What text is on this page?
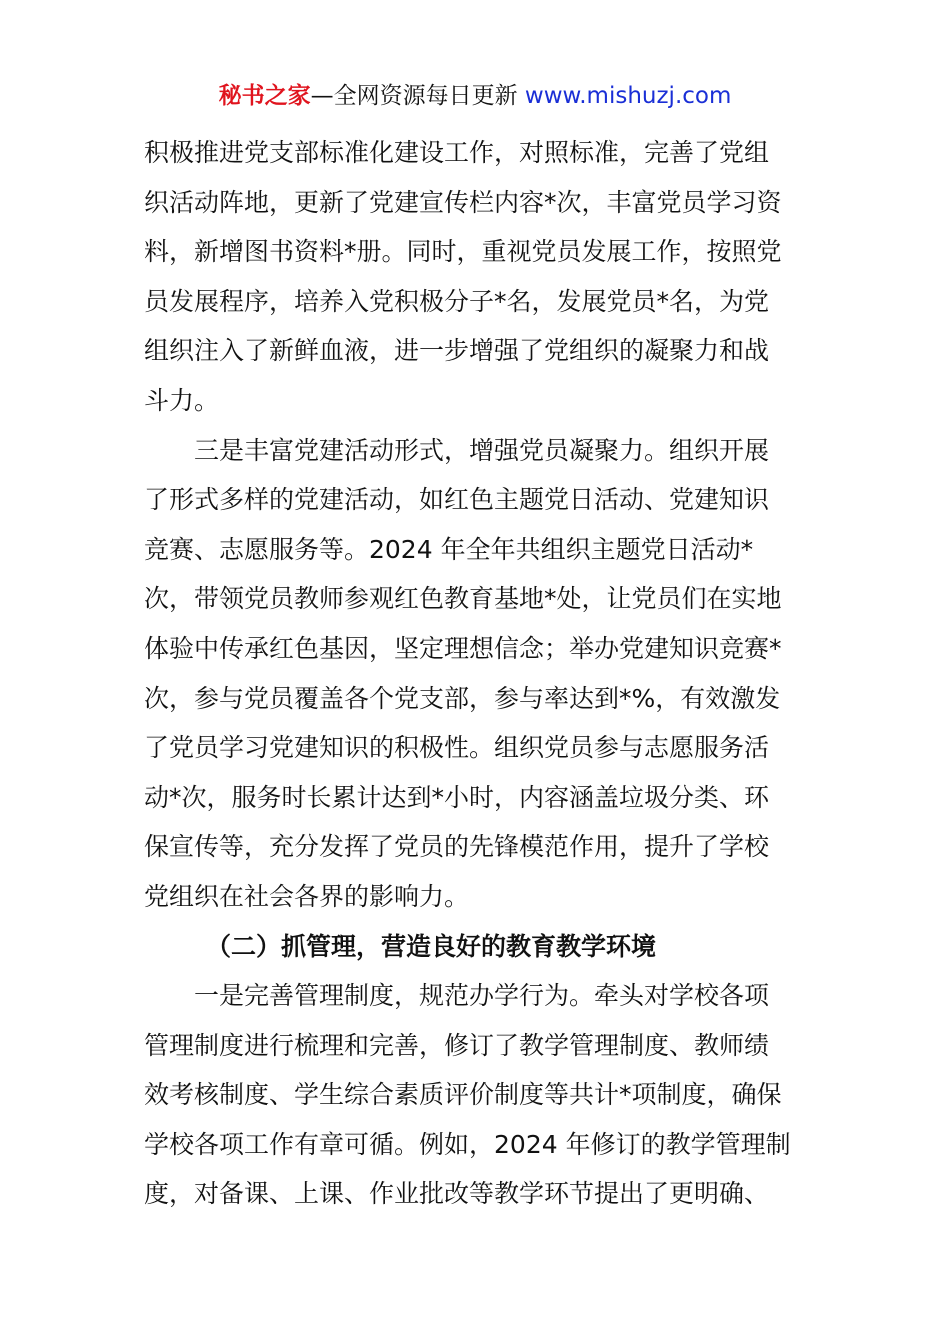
秘书之家—全网资源每日更新 www.mishuzj.com
积极推进党支部标准化建设工作，对照标准，完善了党组
织活动阵地，更新了党建宣传栏内容*次，丰富党员学习资
料，新增图书资料*册。同时，重视党员发展工作，按照党
员发展程序，培养入党积极分子*名，发展党员*名，为党
组织注入了新鲜血液，进一步增强了党组织的凝聚力和战
斗力。
三是丰富党建活动形式，增强党员凝聚力。组织开展
了形式多样的党建活动，如红色主题党日活动、党建知识
竞赛、志愿服务等。2024 年全年共组织主题党日活动*
次，带领党员教师参观红色教育基地*处，让党员们在实地
体验中传承红色基因，坚定理想信念；举办党建知识竞赛*
次，参与党员覆盖各个党支部，参与率达到*%，有效激发
了党员学习党建知识的积极性。组织党员参与志愿服务活
动*次，服务时长累计达到*小时，内容涵盖垃圾分类、环
保宣传等，充分发挥了党员的先锋模范作用，提升了学校
党组织在社会各界的影响力。
（二）抓管理，营造良好的教育教学环境
一是完善管理制度，规范办学行为。牵头对学校各项
管理制度进行梳理和完善，修订了教学管理制度、教师绩
效考核制度、学生综合素质评价制度等共计*项制度，确保
学校各项工作有章可循。例如，2024 年修订的教学管理制
度，对备课、上课、作业批改等教学环节提出了更明确、
